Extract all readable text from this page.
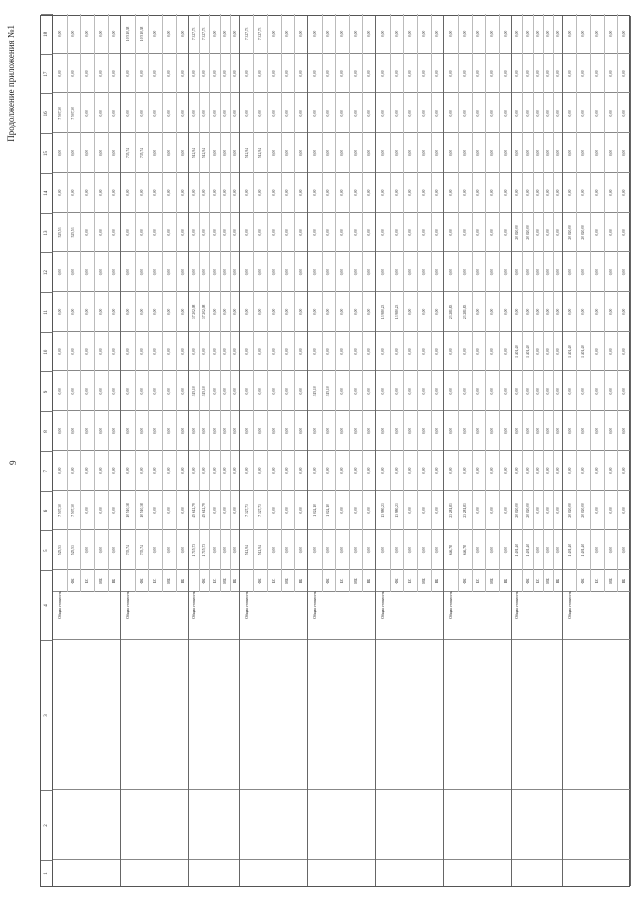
9
Продолжение приложения №1
1
2
3
4
5
6
7
8
9
10
11
12
13
14
15
16
17
18
Общая стоимость
525,53
7 507,30
0,00
0,00
0,00
0,00
0,00
0,00
525,53
0,00
0,00
7 507,30
0,00
0,00
ФБ
525,53
7 507,30
0,00
0,00
0,00
0,00
0,00
0,00
525,53
0,00
0,00
7 507,30
0,00
0,00
БС
0,00
0,00
0,00
0,00
0,00
0,00
0,00
0,00
0,00
0,00
0,00
0,00
0,00
0,00
МБ
0,00
0,00
0,00
0,00
0,00
0,00
0,00
0,00
0,00
0,00
0,00
0,00
0,00
0,00
ВБ
0,00
0,00
0,00
0,00
0,00
0,00
0,00
0,00
0,00
0,00
0,00
0,00
0,00
0,00
Общая стоимость
735,74
10 510,38
0,00
0,00
0,00
0,00
0,00
0,00
0,00
0,00
735,74
0,00
0,00
10 510,38
ФБ
735,74
10 510,38
0,00
0,00
0,00
0,00
0,00
0,00
0,00
0,00
735,74
0,00
0,00
10 510,38
БС
0,00
0,00
0,00
0,00
0,00
0,00
0,00
0,00
0,00
0,00
0,00
0,00
0,00
0,00
МБ
0,00
0,00
0,00
0,00
0,00
0,00
0,00
0,00
0,00
0,00
0,00
0,00
0,00
0,00
ВБ
0,00
0,00
0,00
0,00
0,00
0,00
0,00
0,00
0,00
0,00
0,00
0,00
0,00
0,00
Общая стоимость
1 715,73
45 612,79
0,00
0,00
315,10
0,00
37 202,08
0,00
0,00
0,00
512,94
0,00
0,00
7 327,73
ФБ
1 715,73
45 612,79
0,00
0,00
315,10
0,00
37 202,08
0,00
0,00
0,00
512,94
0,00
0,00
7 327,73
БС
0,00
0,00
0,00
0,00
0,00
0,00
0,00
0,00
0,00
0,00
0,00
0,00
0,00
0,00
МБ
0,00
0,00
0,00
0,00
0,00
0,00
0,00
0,00
0,00
0,00
0,00
0,00
0,00
0,00
ВБ
0,00
0,00
0,00
0,00
0,00
0,00
0,00
0,00
0,00
0,00
0,00
0,00
0,00
0,00
Общая стоимость
512,94
7 327,73
0,00
0,00
0,00
0,00
0,00
0,00
0,00
0,00
512,94
0,00
0,00
7 327,73
ФБ
512,94
7 327,73
0,00
0,00
0,00
0,00
0,00
0,00
0,00
0,00
512,94
0,00
0,00
7 327,73
БС
0,00
0,00
0,00
0,00
0,00
0,00
0,00
0,00
0,00
0,00
0,00
0,00
0,00
0,00
МБ
0,00
0,00
0,00
0,00
0,00
0,00
0,00
0,00
0,00
0,00
0,00
0,00
0,00
0,00
ВБ
0,00
0,00
0,00
0,00
0,00
0,00
0,00
0,00
0,00
0,00
0,00
0,00
0,00
0,00
Общая стоимость
0,00
1 024,10
0,00
0,00
315,10
0,00
0,00
0,00
0,00
0,00
0,00
0,00
0,00
0,00
ФБ
0,00
1 024,10
0,00
0,00
315,10
0,00
0,00
0,00
0,00
0,00
0,00
0,00
0,00
0,00
БС
0,00
0,00
0,00
0,00
0,00
0,00
0,00
0,00
0,00
0,00
0,00
0,00
0,00
0,00
МБ
0,00
0,00
0,00
0,00
0,00
0,00
0,00
0,00
0,00
0,00
0,00
0,00
0,00
0,00
ВБ
0,00
0,00
0,00
0,00
0,00
0,00
0,00
0,00
0,00
0,00
0,00
0,00
0,00
0,00
Общая стоимость
0,00
13 980,23
0,00
0,00
0,00
0,00
13 980,23
0,00
0,00
0,00
0,00
0,00
0,00
0,00
ФБ
0,00
13 980,23
0,00
0,00
0,00
0,00
13 980,23
0,00
0,00
0,00
0,00
0,00
0,00
0,00
БС
0,00
0,00
0,00
0,00
0,00
0,00
0,00
0,00
0,00
0,00
0,00
0,00
0,00
0,00
МБ
0,00
0,00
0,00
0,00
0,00
0,00
0,00
0,00
0,00
0,00
0,00
0,00
0,00
0,00
ВБ
0,00
0,00
0,00
0,00
0,00
0,00
0,00
0,00
0,00
0,00
0,00
0,00
0,00
0,00
Общая стоимость
646,78
23 281,83
0,00
0,00
0,00
0,00
23 281,83
0,00
0,00
0,00
0,00
0,00
0,00
0,00
ФБ
646,78
23 281,83
0,00
0,00
0,00
0,00
23 281,83
0,00
0,00
0,00
0,00
0,00
0,00
0,00
БС
0,00
0,00
0,00
0,00
0,00
0,00
0,00
0,00
0,00
0,00
0,00
0,00
0,00
0,00
МБ
0,00
0,00
0,00
0,00
0,00
0,00
0,00
0,00
0,00
0,00
0,00
0,00
0,00
0,00
ВБ
0,00
0,00
0,00
0,00
0,00
0,00
0,00
0,00
0,00
0,00
0,00
0,00
0,00
0,00
Общая стоимость
1 401,40
20 020,00
0,00
0,00
0,00
1 401,40
0,00
0,00
20 020,00
0,00
0,00
0,00
0,00
0,00
ФБ
1 401,40
20 020,00
0,00
0,00
0,00
1 401,40
0,00
0,00
20 020,00
0,00
0,00
0,00
0,00
0,00
БС
0,00
0,00
0,00
0,00
0,00
0,00
0,00
0,00
0,00
0,00
0,00
0,00
0,00
0,00
МБ
0,00
0,00
0,00
0,00
0,00
0,00
0,00
0,00
0,00
0,00
0,00
0,00
0,00
0,00
ВБ
0,00
0,00
0,00
0,00
0,00
0,00
0,00
0,00
0,00
0,00
0,00
0,00
0,00
0,00
Общая стоимость
1 401,40
20 020,00
0,00
0,00
0,00
1 401,40
0,00
0,00
20 020,00
0,00
0,00
0,00
0,00
0,00
ФБ
1 401,40
20 020,00
0,00
0,00
0,00
1 401,40
0,00
0,00
20 020,00
0,00
0,00
0,00
0,00
0,00
БС
0,00
0,00
0,00
0,00
0,00
0,00
0,00
0,00
0,00
0,00
0,00
0,00
0,00
0,00
МБ
0,00
0,00
0,00
0,00
0,00
0,00
0,00
0,00
0,00
0,00
0,00
0,00
0,00
0,00
ВБ
0,00
0,00
0,00
0,00
0,00
0,00
0,00
0,00
0,00
0,00
0,00
0,00
0,00
0,00
